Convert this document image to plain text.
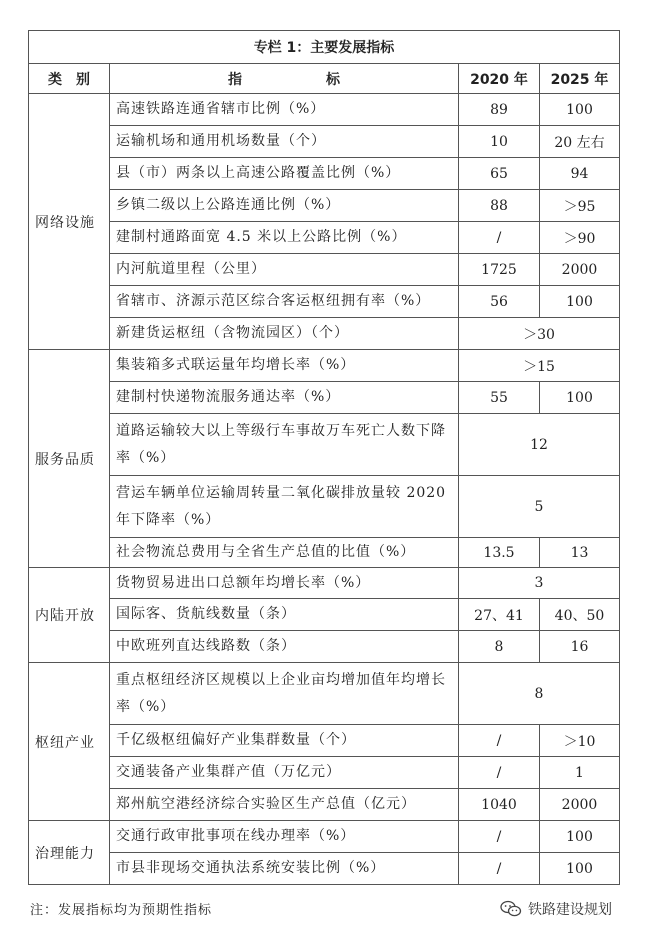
专栏 1：主要发展指标			
类　别	指　　　　　　标	2020 年	2025 年
网络设施	高速铁路连通省辖市比例（%）	89	100
	运输机场和通用机场数量（个）	10	20 左右
	县（市）两条以上高速公路覆盖比例（%）	65	94
	乡镇二级以上公路连通比例（%）	88	＞95
	建制村通路面宽 4.5 米以上公路比例（%）	/	＞90
	内河航道里程（公里）	1725	2000
	省辖市、济源示范区综合客运枢纽拥有率（%）	56	100
	新建货运枢纽（含物流园区）（个）	＞30	
服务品质	集装箱多式联运量年均增长率（%）	＞15	
	建制村快递物流服务通达率（%）	55	100
	道路运输较大以上等级行车事故万车死亡人数下降率（%）	12	
	营运车辆单位运输周转量二氧化碳排放量较 2020 年下降率（%）	5	
	社会物流总费用与全省生产总值的比值（%）	13.5	13
内陆开放	货物贸易进出口总额年均增长率（%）	3	
	国际客、货航线数量（条）	27、41	40、50
	中欧班列直达线路数（条）	8	16
枢纽产业	重点枢纽经济区规模以上企业亩均增加值年均增长率（%）	8	
	千亿级枢纽偏好产业集群数量（个）	/	＞10
	交通装备产业集群产值（万亿元）	/	1
	郑州航空港经济综合实验区生产总值（亿元）	1040	2000
治理能力	交通行政审批事项在线办理率（%）	/	100
	市县非现场交通执法系统安装比例（%）	/	100
注：发展指标均为预期性指标	铁路建设规划
